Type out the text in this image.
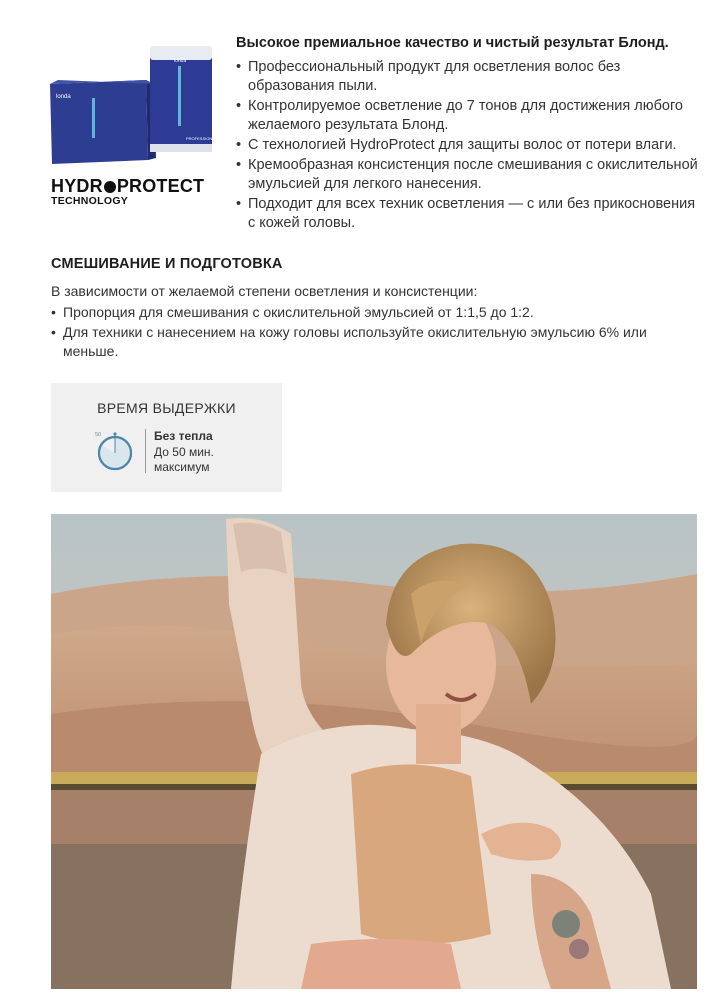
londa
londa
PROFESSIONAL
HYDR PROTECT
TECHNOLOGY
Высокое премиальное качество и чистый результат Блонд.
• Профессиональный продукт для осветления волос без образования пыли.
• Контролируемое осветление до 7 тонов для достижения любого желаемого результата Блонд.
• С технологией HydroProtect для защиты волос от потери влаги.
• Кремообразная консистенция после смешивания с окислительной эмульсией для легкого нанесения.
• Подходит для всех техник осветления — с или без прикосновения с кожей головы.
СМЕШИВАНИЕ И ПОДГОТОВКА
В зависимости от желаемой степени осветления и консистенции:
• Пропорция для смешивания с окислительной эмульсией от 1:1,5 до 1:2.
• Для техники с нанесением на кожу головы используйте окислительную эмульсию 6% или меньше.
ВРЕМЯ ВЫДЕРЖКИ
50	Без тепла
До 50 мин.
максимум
